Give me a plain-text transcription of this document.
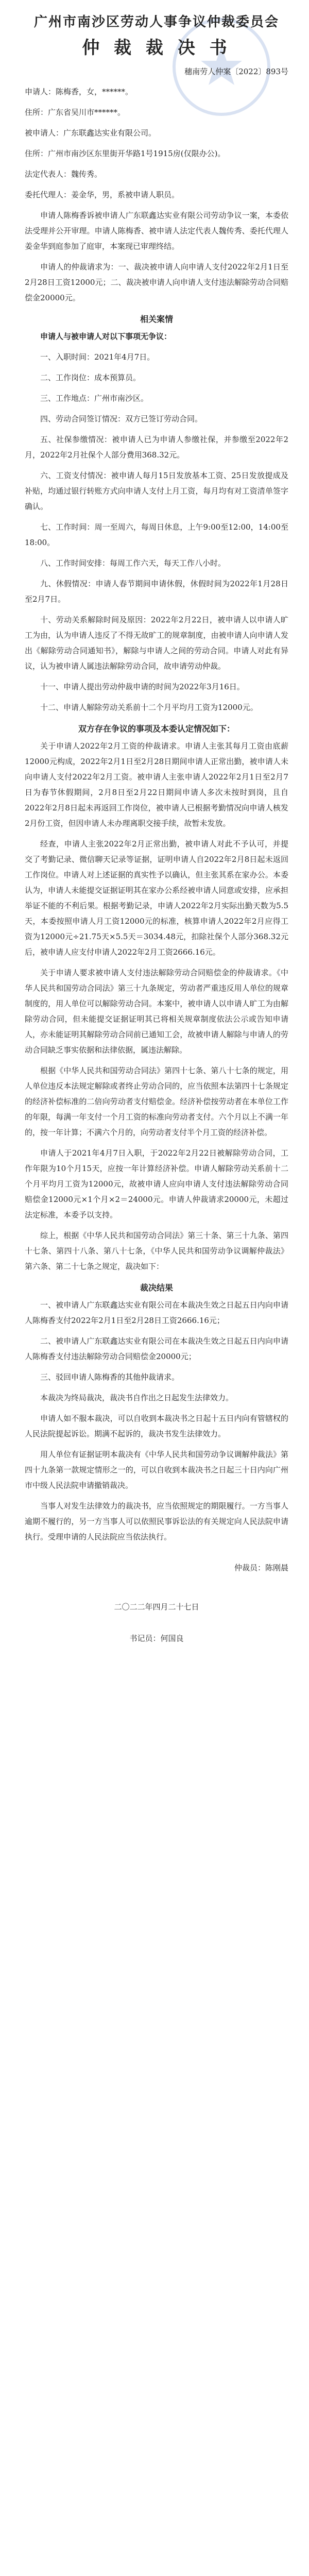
广州市南沙区劳动人事争议仲裁委员会
仲 裁 裁 决 书
穗南劳人仲案〔2022〕893号

申请人：陈梅香，女，******。

住所：广东省吴川市******。

被申请人：广东联鑫达实业有限公司。

住所：广州市南沙区东里街开华路1号1915房(仅限办公)。

法定代表人：魏传秀。

委托代理人：姜金华，男，系被申请人职员。

申请人陈梅香诉被申请人广东联鑫达实业有限公司劳动争议一案，本委依法受理并公开审理。申请人陈梅香、被申请人法定代表人魏传秀、委托代理人姜金华到庭参加了庭审，本案现已审理终结。

申请人的仲裁请求为：一、裁决被申请人向申请人支付2022年2月1日至2月28日工资12000元；二、裁决被申请人向申请人支付违法解除劳动合同赔偿金20000元。

相关案情

申请人与被申请人对以下事项无争议：

一、入职时间：2021年4月7日。

二、工作岗位：成本预算员。

三、工作地点：广州市南沙区。

四、劳动合同签订情况：双方已签订劳动合同。

五、社保参缴情况：被申请人已为申请人参缴社保，并参缴至2022年2月，2022年2月社保个人部分费用368.32元。

六、工资支付情况：被申请人每月15日发放基本工资、25日发放提成及补贴，均通过银行转账方式向申请人支付上月工资，每月均有对工资清单签字确认。

七、工作时间：周一至周六，每周日休息，上午9:00至12:00，14:00至18:00。

八、工作时间安排：每周工作六天，每天工作八小时。

九、休假情况：申请人春节期间申请休假，休假时间为2022年1月28日至2月7日。

十、劳动关系解除时间及原因：2022年2月22日，被申请人以申请人旷工为由，认为申请人违反了不得无故旷工的规章制度，由被申请人向申请人发出《解除劳动合同通知书》，解除与申请人之间的劳动合同。申请人对此有异议，认为被申请人属违法解除劳动合同，故申请劳动仲裁。

十一、申请人提出劳动仲裁申请的时间为2022年3月16日。

十二、申请人解除劳动关系前十二个月平均月工资为12000元。

双方存在争议的事项及本委认定情况如下：

关于申请人2022年2月工资的仲裁请求。申请人主张其每月工资由底薪12000元构成，2022年2月1日至2月28日期间申请人正常出勤，被申请人未向申请人支付2022年2月工资。被申请人主张申请人2022年2月1日至2月7日为春节休假期间，2月8日至2月22日期间申请人多次未按时到岗，且自2022年2月8日起未再返回工作岗位，被申请人已根据考勤情况向申请人核发2月份工资，但因申请人未办理离职交接手续，故暂未发放。

经查，申请人主张2022年2月正常出勤，被申请人对此不予认可，并提交了考勤记录、微信聊天记录等证据，证明申请人自2022年2月8日起未返回工作岗位。申请人对上述证据的真实性予以确认，但主张其系在家办公。本委认为，申请人未能提交证据证明其在家办公系经被申请人同意或安排，应承担举证不能的不利后果。根据考勤记录，申请人2022年2月实际出勤天数为5.5天，本委按照申请人月工资12000元的标准，核算申请人2022年2月应得工资为12000元÷21.75天×5.5天＝3034.48元，扣除社保个人部分368.32元后，被申请人应支付申请人2022年2月工资2666.16元。

关于申请人要求被申请人支付违法解除劳动合同赔偿金的仲裁请求。《中华人民共和国劳动合同法》第三十九条规定，劳动者严重违反用人单位的规章制度的，用人单位可以解除劳动合同。本案中，被申请人以申请人旷工为由解除劳动合同，但未能提交证据证明其已将相关规章制度依法公示或告知申请人，亦未能证明其解除劳动合同前已通知工会，故被申请人解除与申请人的劳动合同缺乏事实依据和法律依据，属违法解除。

根据《中华人民共和国劳动合同法》第四十七条、第八十七条的规定，用人单位违反本法规定解除或者终止劳动合同的，应当依照本法第四十七条规定的经济补偿标准的二倍向劳动者支付赔偿金。经济补偿按劳动者在本单位工作的年限，每满一年支付一个月工资的标准向劳动者支付。六个月以上不满一年的，按一年计算；不满六个月的，向劳动者支付半个月工资的经济补偿。

申请人于2021年4月7日入职，于2022年2月22日被解除劳动合同，工作年限为10个月15天，应按一年计算经济补偿。申请人解除劳动关系前十二个月平均月工资为12000元，故被申请人应向申请人支付违法解除劳动合同赔偿金12000元×1个月×2＝24000元。申请人仲裁请求20000元，未超过法定标准，本委予以支持。

综上，根据《中华人民共和国劳动合同法》第三十条、第三十九条、第四十七条、第四十八条、第八十七条，《中华人民共和国劳动争议调解仲裁法》第六条、第二十七条之规定，裁决如下：

裁决结果

一、被申请人广东联鑫达实业有限公司在本裁决生效之日起五日内向申请人陈梅香支付2022年2月1日至2月28日工资2666.16元；

二、被申请人广东联鑫达实业有限公司在本裁决生效之日起五日内向申请人陈梅香支付违法解除劳动合同赔偿金20000元；

三、驳回申请人陈梅香的其他仲裁请求。

本裁决为终局裁决，裁决书自作出之日起发生法律效力。

申请人如不服本裁决，可以自收到本裁决书之日起十五日内向有管辖权的人民法院提起诉讼。期满不起诉的，裁决书发生法律效力。

用人单位有证据证明本裁决有《中华人民共和国劳动争议调解仲裁法》第四十九条第一款规定情形之一的，可以自收到本裁决书之日起三十日内向广州市中级人民法院申请撤销裁决。

当事人对发生法律效力的裁决书，应当依照规定的期限履行。一方当事人逾期不履行的，另一方当事人可以依照民事诉讼法的有关规定向人民法院申请执行。受理申请的人民法院应当依法执行。

仲裁员：陈刚晨
二〇二二年四月二十七日
书记员：何国良
